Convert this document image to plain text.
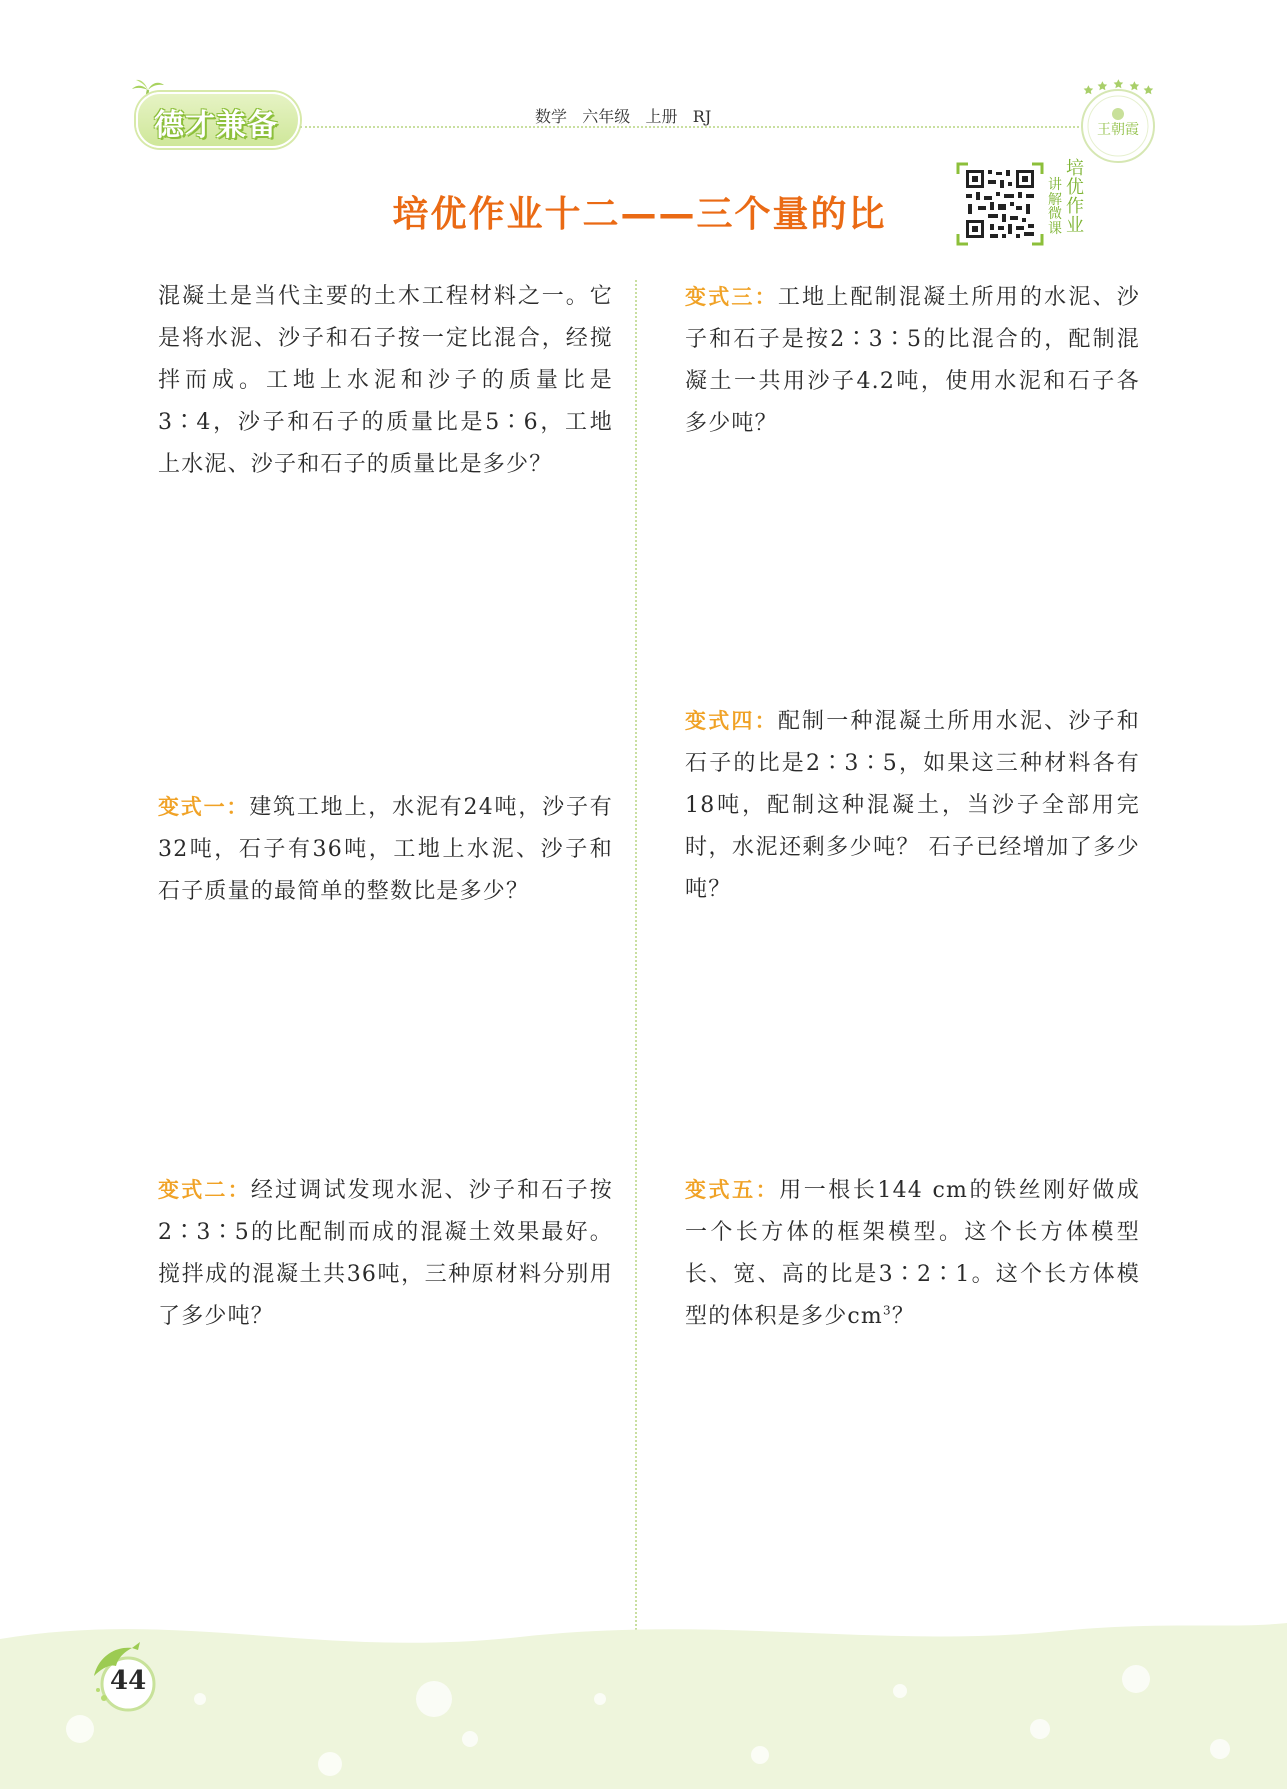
德才兼备	数学   六年级   上册   RJ
王朝霞
培优作业十二——三个量的比
讲解微课
培优作业
混凝土是当代主要的土木工程材料之一。它是将水泥、沙子和石子按一定比混合，经搅拌而成。工地上水泥和沙子的质量比是3∶4，沙子和石子的质量比是5∶6，工地上水泥、沙子和石子的质量比是多少？
变式一：建筑工地上，水泥有24吨，沙子有32吨，石子有36吨，工地上水泥、沙子和石子质量的最简单的整数比是多少？
变式二：经过调试发现水泥、沙子和石子按2∶3∶5的比配制而成的混凝土效果最好。搅拌成的混凝土共36吨，三种原材料分别用了多少吨？
变式三：工地上配制混凝土所用的水泥、沙子和石子是按2∶3∶5的比混合的，配制混凝土一共用沙子4.2吨，使用水泥和石子各多少吨？
变式四：配制一种混凝土所用水泥、沙子和石子的比是2∶3∶5，如果这三种材料各有18吨，配制这种混凝土，当沙子全部用完时，水泥还剩多少吨？ 石子已经增加了多少吨？
变式五：用一根长144 cm的铁丝刚好做成一个长方体的框架模型。这个长方体模型长、宽、高的比是3∶2∶1。这个长方体模型的体积是多少$cm^3$？
44
